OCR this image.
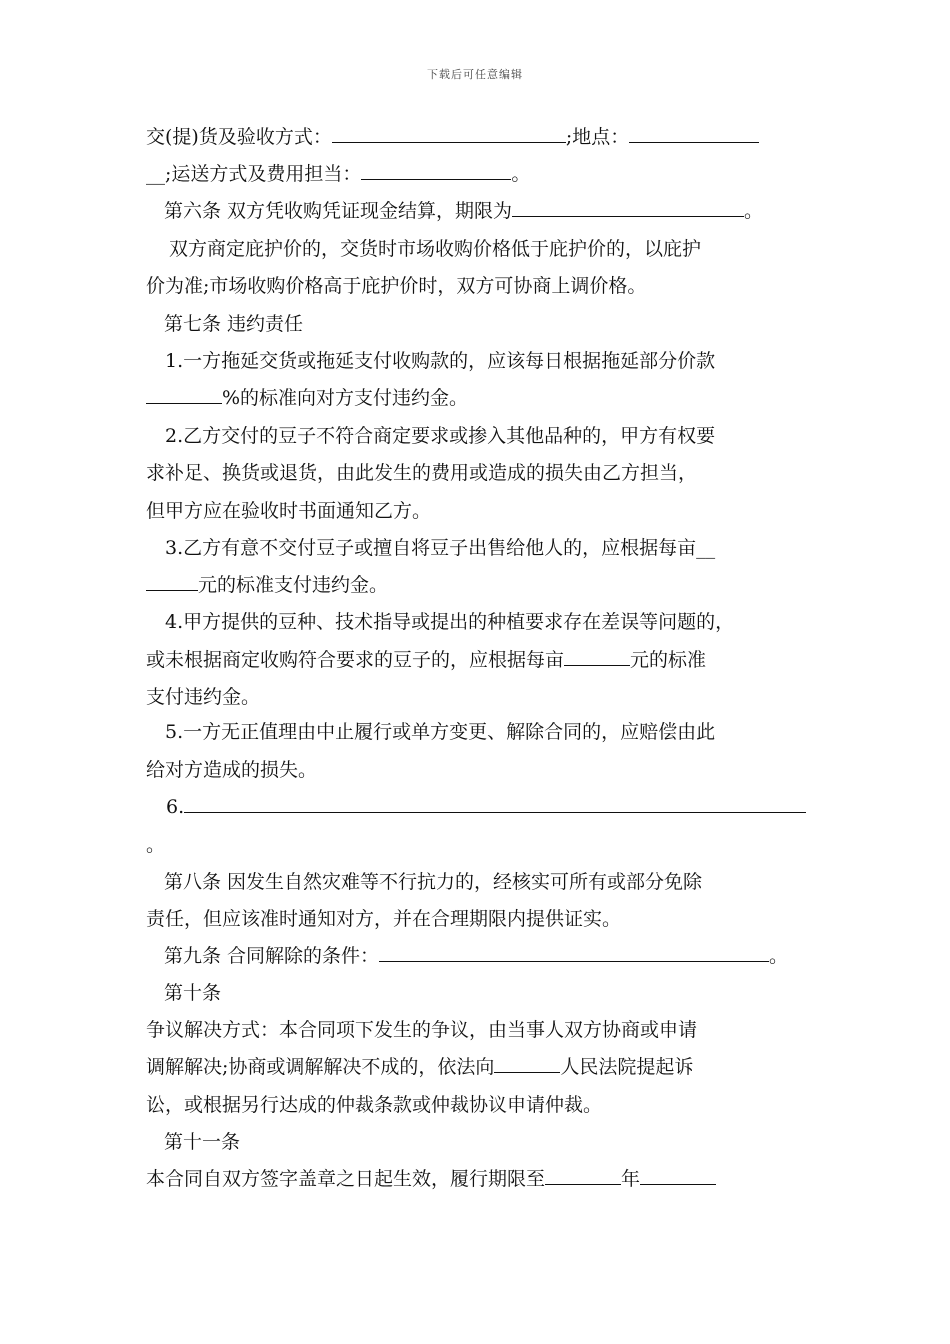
下载后可任意编辑
交(提)货及验收方式：	;地点：
__;运送方式及费用担当：	。
第六条 双方凭收购凭证现金结算，期限为	。
双方商定庇护价的，交货时市场收购价格低于庇护价的，以庇护
价为准;市场收购价格高于庇护价时，双方可协商上调价格。
第七条 违约责任
1.一方拖延交货或拖延支付收购款的，应该每日根据拖延部分价款
%的标准向对方支付违约金。
2.乙方交付的豆子不符合商定要求或掺入其他品种的，甲方有权要
求补足、换货或退货，由此发生的费用或造成的损失由乙方担当，
但甲方应在验收时书面通知乙方。
3.乙方有意不交付豆子或擅自将豆子出售给他人的，应根据每亩__
元的标准支付违约金。
4.甲方提供的豆种、技术指导或提出的种植要求存在差误等问题的，
或未根据商定收购符合要求的豆子的，应根据每亩	元的标准
支付违约金。
5.一方无正值理由中止履行或单方变更、解除合同的，应赔偿由此
给对方造成的损失。
6.
。
第八条 因发生自然灾难等不行抗力的，经核实可所有或部分免除
责任，但应该准时通知对方，并在合理期限内提供证实。
第九条 合同解除的条件：	。
第十条
争议解决方式：本合同项下发生的争议，由当事人双方协商或申请
调解解决;协商或调解解决不成的，依法向	人民法院提起诉
讼，或根据另行达成的仲裁条款或仲裁协议申请仲裁。
第十一条
本合同自双方签字盖章之日起生效，履行期限至	年
